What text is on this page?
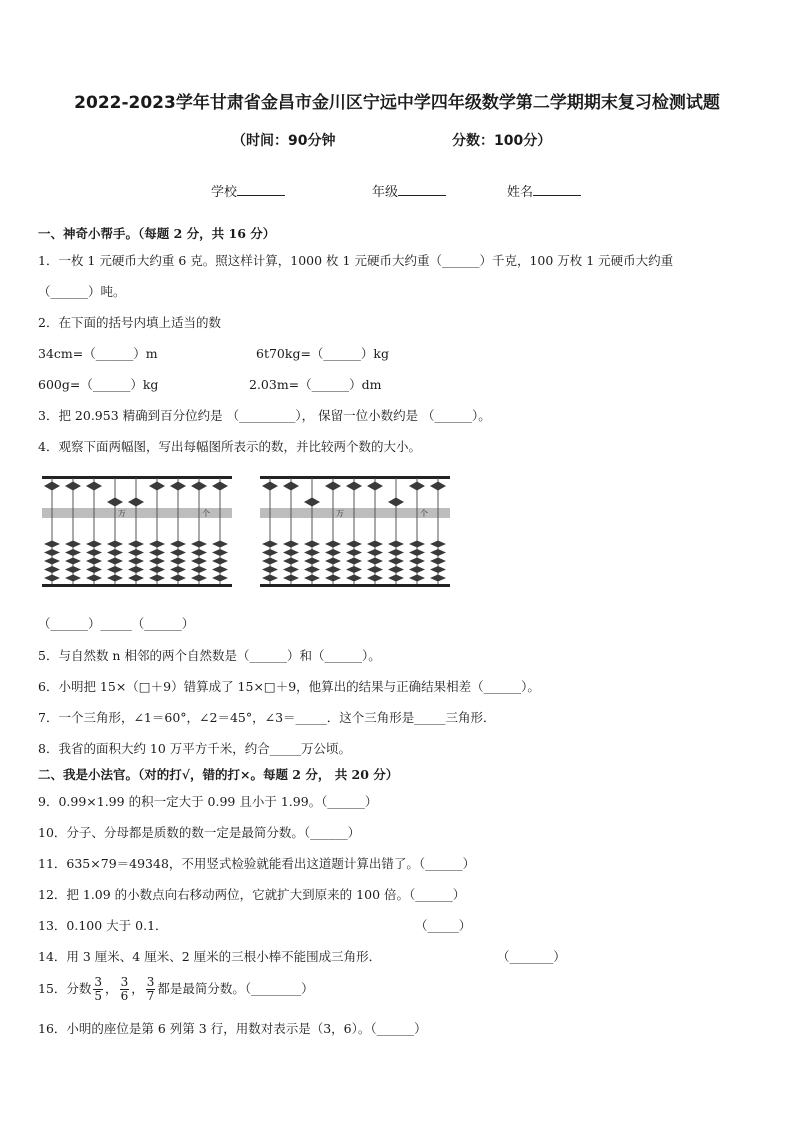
2022-2023学年甘肃省金昌市金川区宁远中学四年级数学第二学期期末复习检测试题
（时间：90分钟	分数：100分）
学校	年级	姓名
一、神奇小帮手。（每题 2 分，共 16 分）
1．一枚 1 元硬币大约重 6 克。照这样计算，1000 枚 1 元硬币大约重（______）千克，100 万枚 1 元硬币大约重
（______）吨。
2．在下面的括号内填上适当的数
34cm=（______）m	6t70kg=（______）kg
600g=（______）kg	2.03m=（______）dm
3．把 20.953 精确到百分位约是 （_________）， 保留一位小数约是 （______）。
4．观察下面两幅图，写出每幅图所表示的数，并比较两个数的大小。
万	个	万	个
（______）_____（______）
5．与自然数 n 相邻的两个自然数是（______）和（______）。
6．小明把 15×（□＋9）错算成了 15×□＋9，他算出的结果与正确结果相差（______）。
7．一个三角形，∠1＝60°，∠2＝45°，∠3＝_____．这个三角形是_____三角形．
8．我省的面积大约 10 万平方千米，约合_____万公顷。
二、我是小法官。（对的打√，错的打×。每题 2 分， 共 20 分）
9．0.99×1.99 的积一定大于 0.99 且小于 1.99。（______）
10．分子、分母都是质数的数一定是最简分数。（______）
11．635×79＝49348，不用竖式检验就能看出这道题计算出错了。（______）
12．把 1.09 的小数点向右移动两位，它就扩大到原来的 100 倍。（______）
13．0.100 大于 0.1．	（_____）
14．用 3 厘米、4 厘米、2 厘米的三根小棒不能围成三角形．	（_______）
15．分数 $\frac{3}{5}$ ， $\frac{3}{6}$ ， $\frac{3}{7}$ 都是最简分数。（________）
16．小明的座位是第 6 列第 3 行，用数对表示是（3，6）。（______）
